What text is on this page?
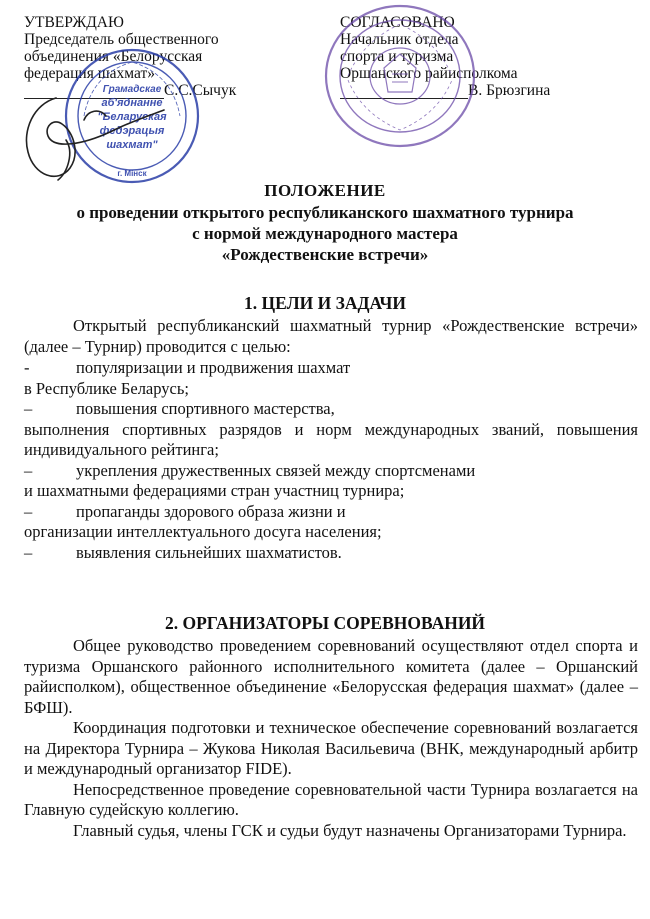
УТВЕРЖДАЮ
Председатель общественного
объединения «Белорусская
федерация шахмат»
С.С.Сычук
СОГЛАСОВАНО
Начальник отдела
спорта и туризма
Оршанского райисполкома
В. Брюзгина
Грамадскае
аб'яднанне
"Беларуская
федэрацыя
шахмат"
г. Мінск
ПОЛОЖЕНИЕ
о проведении открытого республиканского шахматного турнира
с нормой международного мастера
«Рождественские встречи»
1. ЦЕЛИ И ЗАДАЧИ
Открытый республиканский шахматный турнир «Рождественские встречи» (далее – Турнир) проводится с целью:
-	популяризации и продвижения шахмат
в Республике Беларусь;
–	повышения спортивного мастерства,
выполнения спортивных разрядов и норм международных званий, повышения индивидуального рейтинга;
–	укрепления дружественных связей между спортсменами
и шахматными федерациями стран участниц турнира;
–	пропаганды здорового образа жизни и
организации интеллектуального досуга населения;
–	выявления сильнейших шахматистов.
2. ОРГАНИЗАТОРЫ СОРЕВНОВАНИЙ

Общее руководство проведением соревнований осуществляют отдел спорта и туризма Оршанского районного исполнительного комитета (далее – Оршанский райисполком), общественное объединение «Белорусская федерация шахмат» (далее – БФШ).

Координация подготовки и техническое обеспечение соревнований возлагается на Директора Турнира – Жукова Николая Васильевича (ВНК, международный арбитр и международный организатор FIDE).

Непосредственное проведение соревновательной части Турнира возлагается на Главную судейскую коллегию.

Главный судья, члены ГСК и судьи будут назначены Организаторами Турнира.
